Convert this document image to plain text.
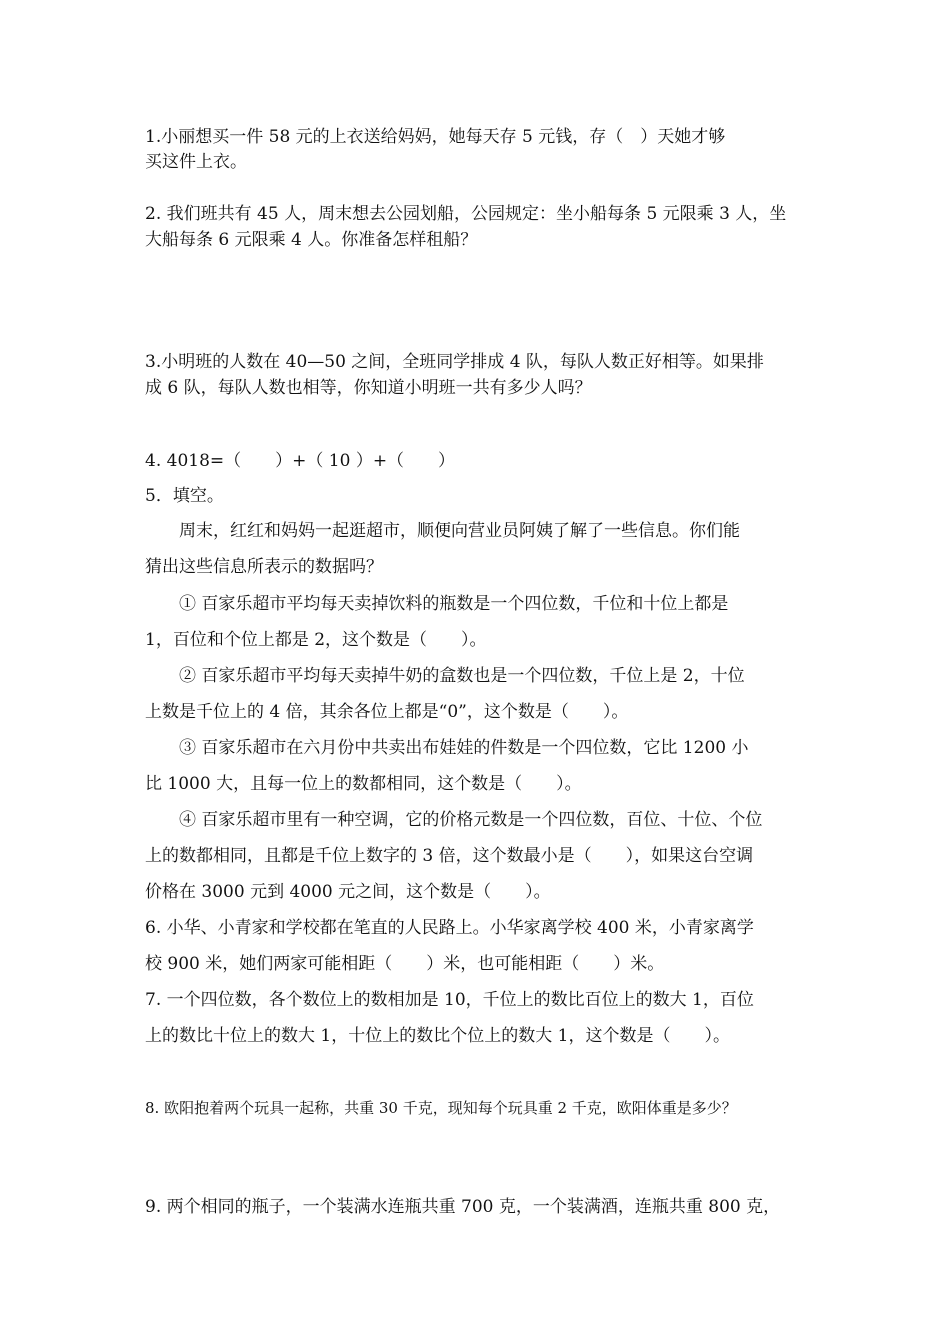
1.小丽想买一件 58 元的上衣送给妈妈，她每天存 5 元钱，存（　）天她才够
买这件上衣。
2. 我们班共有 45 人，周末想去公园划船，公园规定：坐小船每条 5 元限乘 3 人，坐
大船每条 6 元限乘 4 人。你准备怎样租船？
3.小明班的人数在 40—50 之间，全班同学排成 4 队，每队人数正好相等。如果排
成 6 队，每队人数也相等，你知道小明班一共有多少人吗？
4. 4018=（　　）+（ 10 ）+（　　）
5．填空。
　　周末，红红和妈妈一起逛超市，顺便向营业员阿姨了解了一些信息。你们能
猜出这些信息所表示的数据吗？
　　① 百家乐超市平均每天卖掉饮料的瓶数是一个四位数，千位和十位上都是
1，百位和个位上都是 2，这个数是（　　）。
　　② 百家乐超市平均每天卖掉牛奶的盒数也是一个四位数，千位上是 2，十位
上数是千位上的 4 倍，其余各位上都是“0”，这个数是（　　）。
　　③ 百家乐超市在六月份中共卖出布娃娃的件数是一个四位数，它比 1200 小
比 1000 大，且每一位上的数都相同，这个数是（　　）。
　　④ 百家乐超市里有一种空调，它的价格元数是一个四位数，百位、十位、个位
上的数都相同，且都是千位上数字的 3 倍，这个数最小是（　　），如果这台空调
价格在 3000 元到 4000 元之间，这个数是（　　）。
6. 小华、小青家和学校都在笔直的人民路上。小华家离学校 400 米，小青家离学
校 900 米，她们两家可能相距（　　）米，也可能相距（　　）米。
7. 一个四位数，各个数位上的数相加是 10，千位上的数比百位上的数大 1，百位
上的数比十位上的数大 1，十位上的数比个位上的数大 1，这个数是（　　）。
8. 欧阳抱着两个玩具一起称，共重 30 千克，现知每个玩具重 2 千克，欧阳体重是多少？
9. 两个相同的瓶子，一个装满水连瓶共重 700 克，一个装满酒，连瓶共重 800 克，
